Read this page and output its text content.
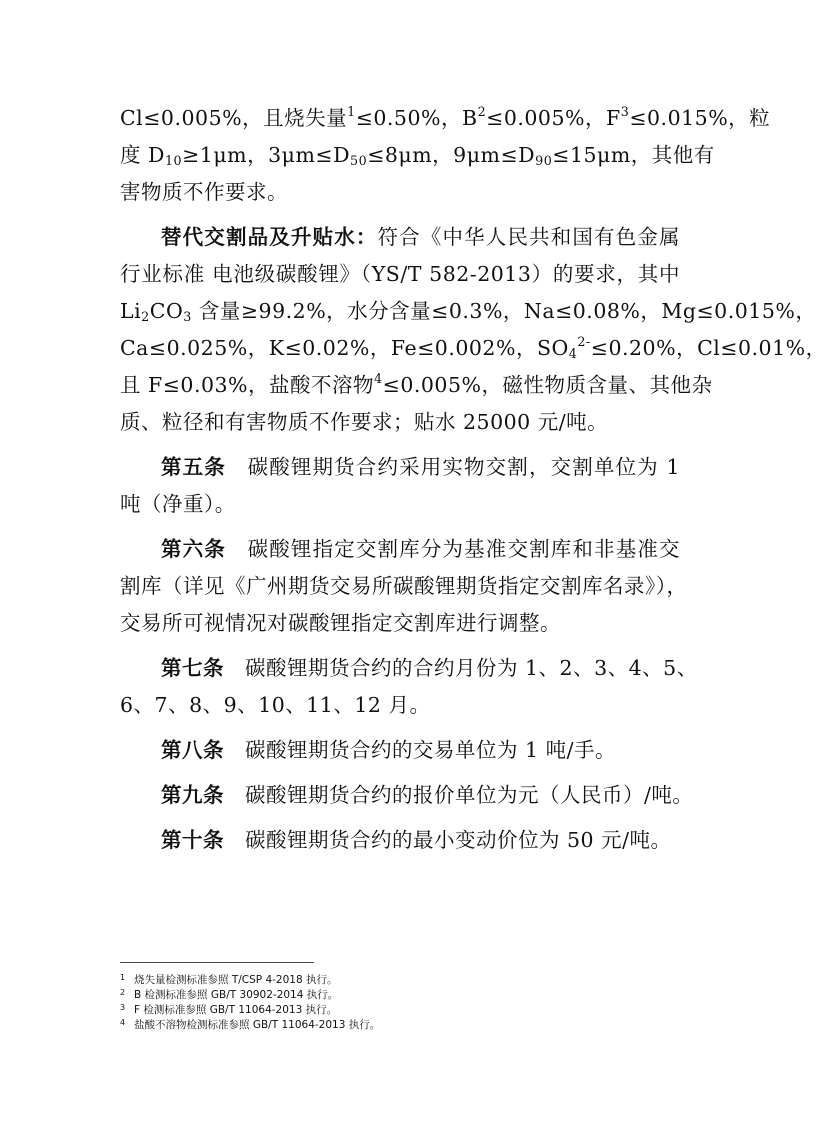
Cl≤0.005%，且烧失量$^1$≤0.50%，$B^2\le 0.005\%$，$F^3\le 0.015\%$，粒
度 $D_{10}\ge 1\mu m$，$3\mu m\le D_{50}\le 8\mu m$，$9\mu m\le D_{90}\le 15\mu m$，其他有
害物质不作要求。
替代交割品及升贴水：符合《中华人民共和国有色金属
行业标准 电池级碳酸锂》（YS/T 582-2013）的要求，其中
$Li_2CO_3$ 含量≥99.2%，水分含量≤0.3%，Na≤0.08%，Mg≤0.015%，
Ca≤0.025%，K≤0.02%，Fe≤0.002%，$SO_4^{2-}\le 0.20\%$，Cl≤0.01%，
且 F≤0.03%，盐酸不溶物$^4$≤0.005%，磁性物质含量、其他杂
质、粒径和有害物质不作要求；贴水 25000 元/吨。
第五条  碳酸锂期货合约采用实物交割，交割单位为 1
吨（净重）。
第六条  碳酸锂指定交割库分为基准交割库和非基准交
割库（详见《广州期货交易所碳酸锂期货指定交割库名录》），
交易所可视情况对碳酸锂指定交割库进行调整。
第七条  碳酸锂期货合约的合约月份为 1、2、3、4、5、
6、7、8、9、10、11、12 月。
第八条  碳酸锂期货合约的交易单位为 1 吨/手。
第九条  碳酸锂期货合约的报价单位为元（人民币）/吨。
第十条  碳酸锂期货合约的最小变动价位为 50 元/吨。
1 烧失量检测标准参照 T/CSP 4-2018 执行。
2 B 检测标准参照 GB/T 30902-2014 执行。
3 F 检测标准参照 GB/T 11064-2013 执行。
4 盐酸不溶物检测标准参照 GB/T 11064-2013 执行。
